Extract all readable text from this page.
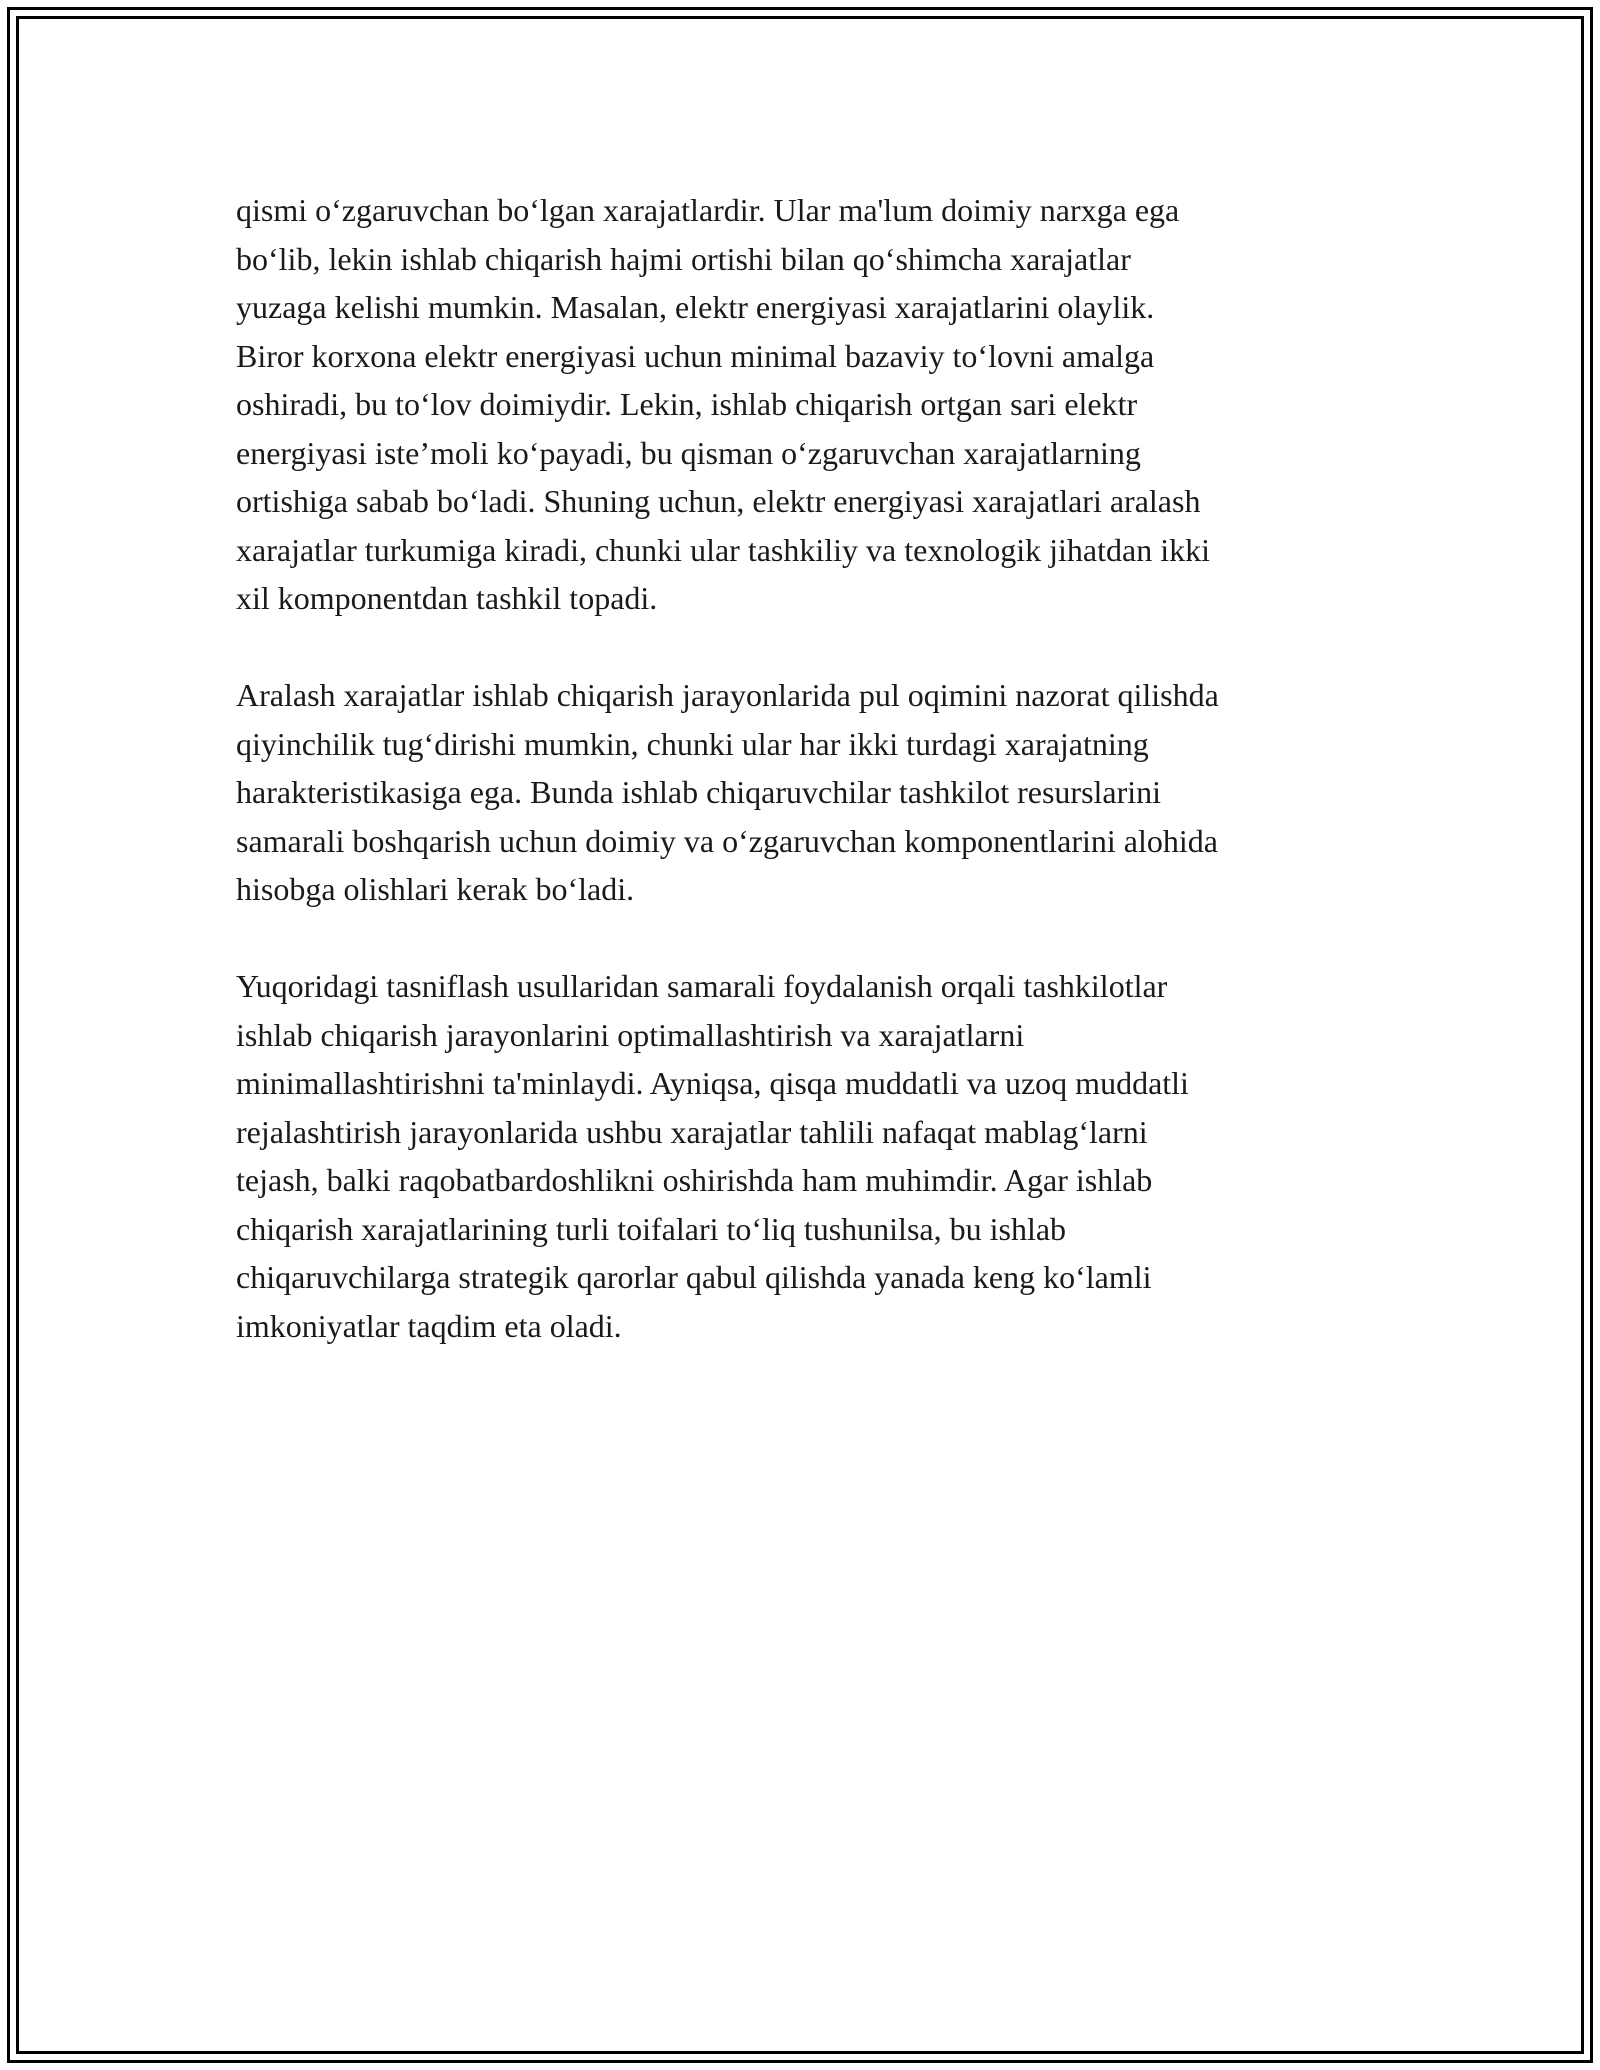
qismi o‘zgaruvchan bo‘lgan xarajatlardir. Ular ma'lum doimiy narxga ega
bo‘lib, lekin ishlab chiqarish hajmi ortishi bilan qo‘shimcha xarajatlar
yuzaga kelishi mumkin. Masalan, elektr energiyasi xarajatlarini olaylik.
Biror korxona elektr energiyasi uchun minimal bazaviy to‘lovni amalga
oshiradi, bu to‘lov doimiydir. Lekin, ishlab chiqarish ortgan sari elektr
energiyasi iste’moli ko‘payadi, bu qisman o‘zgaruvchan xarajatlarning
ortishiga sabab bo‘ladi. Shuning uchun, elektr energiyasi xarajatlari aralash
xarajatlar turkumiga kiradi, chunki ular tashkiliy va texnologik jihatdan ikki
xil komponentdan tashkil topadi.

Aralash xarajatlar ishlab chiqarish jarayonlarida pul oqimini nazorat qilishda
qiyinchilik tug‘dirishi mumkin, chunki ular har ikki turdagi xarajatning
harakteristikasiga ega. Bunda ishlab chiqaruvchilar tashkilot resurslarini
samarali boshqarish uchun doimiy va o‘zgaruvchan komponentlarini alohida
hisobga olishlari kerak bo‘ladi.

Yuqoridagi tasniflash usullaridan samarali foydalanish orqali tashkilotlar
ishlab chiqarish jarayonlarini optimallashtirish va xarajatlarni
minimallashtirishni ta'minlaydi. Ayniqsa, qisqa muddatli va uzoq muddatli
rejalashtirish jarayonlarida ushbu xarajatlar tahlili nafaqat mablag‘larni
tejash, balki raqobatbardoshlikni oshirishda ham muhimdir. Agar ishlab
chiqarish xarajatlarining turli toifalari to‘liq tushunilsa, bu ishlab
chiqaruvchilarga strategik qarorlar qabul qilishda yanada keng ko‘lamli
imkoniyatlar taqdim eta oladi.
